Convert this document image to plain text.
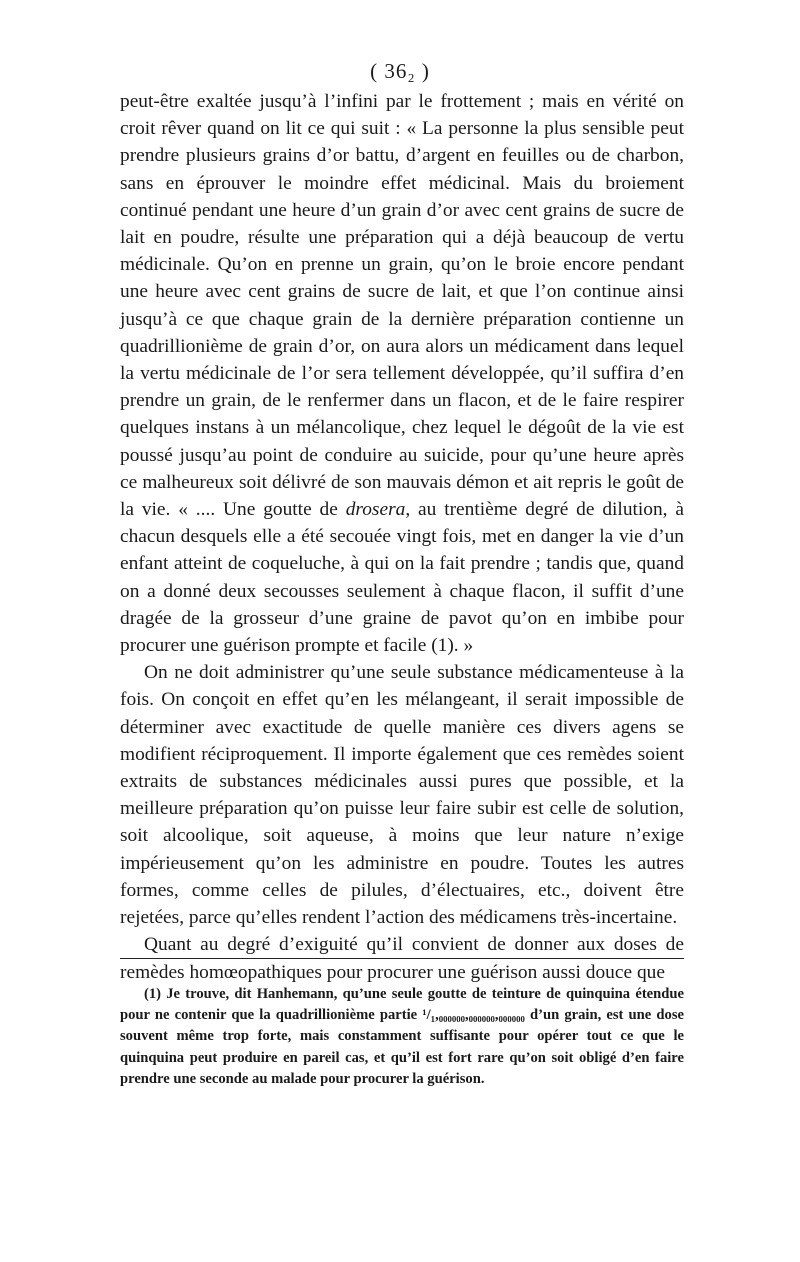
( 36₂ )

peut-être exaltée jusqu’à l’infini par le frottement ; mais en vérité on croit rêver quand on lit ce qui suit : « La personne la plus sensible peut prendre plusieurs grains d’or battu, d’argent en feuilles ou de charbon, sans en éprouver le moindre effet médicinal. Mais du broiement continué pendant une heure d’un grain d’or avec cent grains de sucre de lait en poudre, résulte une préparation qui a déjà beaucoup de vertu médicinale. Qu’on en prenne un grain, qu’on le broie encore pendant une heure avec cent grains de sucre de lait, et que l’on continue ainsi jusqu’à ce que chaque grain de la dernière préparation contienne un quadrillionième de grain d’or, on aura alors un médicament dans lequel la vertu médicinale de l’or sera tellement développée, qu’il suffira d’en prendre un grain, de le renfermer dans un flacon, et de le faire respirer quelques instans à un mélancolique, chez lequel le dégoût de la vie est poussé jusqu’au point de conduire au suicide, pour qu’une heure après ce malheureux soit délivré de son mauvais démon et ait repris le goût de la vie. « .... Une goutte de drosera, au trentième degré de dilution, à chacun desquels elle a été secouée vingt fois, met en danger la vie d’un enfant atteint de coqueluche, à qui on la fait prendre ; tandis que, quand on a donné deux secousses seulement à chaque flacon, il suffit d’une dragée de la grosseur d’une graine de pavot qu’on en imbibe pour procurer une guérison prompte et facile (1). »

On ne doit administrer qu’une seule substance médicamenteuse à la fois. On conçoit en effet qu’en les mélangeant, il serait impossible de déterminer avec exactitude de quelle manière ces divers agens se modifient réciproquement. Il importe également que ces remèdes soient extraits de substances médicinales aussi pures que possible, et la meilleure préparation qu’on puisse leur faire subir est celle de solution, soit alcoolique, soit aqueuse, à moins que leur nature n’exige impérieusement qu’on les administre en poudre. Toutes les autres formes, comme celles de pilules, d’électuaires, etc., doivent être rejetées, parce qu’elles rendent l’action des médicamens très-incertaine.

Quant au degré d’exiguité qu’il convient de donner aux doses de remèdes homœopathiques pour procurer une guérison aussi douce que

(1) Je trouve, dit Hanhemann, qu’une seule goutte de teinture de quinquina étendue pour ne contenir que la quadrillionième partie ¹/₁,₀₀₀₀₀₀,₀₀₀₀₀₀,₀₀₀₀₀₀ d’un grain, est une dose souvent même trop forte, mais constamment suffisante pour opérer tout ce que le quinquina peut produire en pareil cas, et qu’il est fort rare qu’on soit obligé d’en faire prendre une seconde au malade pour procurer la guérison.
